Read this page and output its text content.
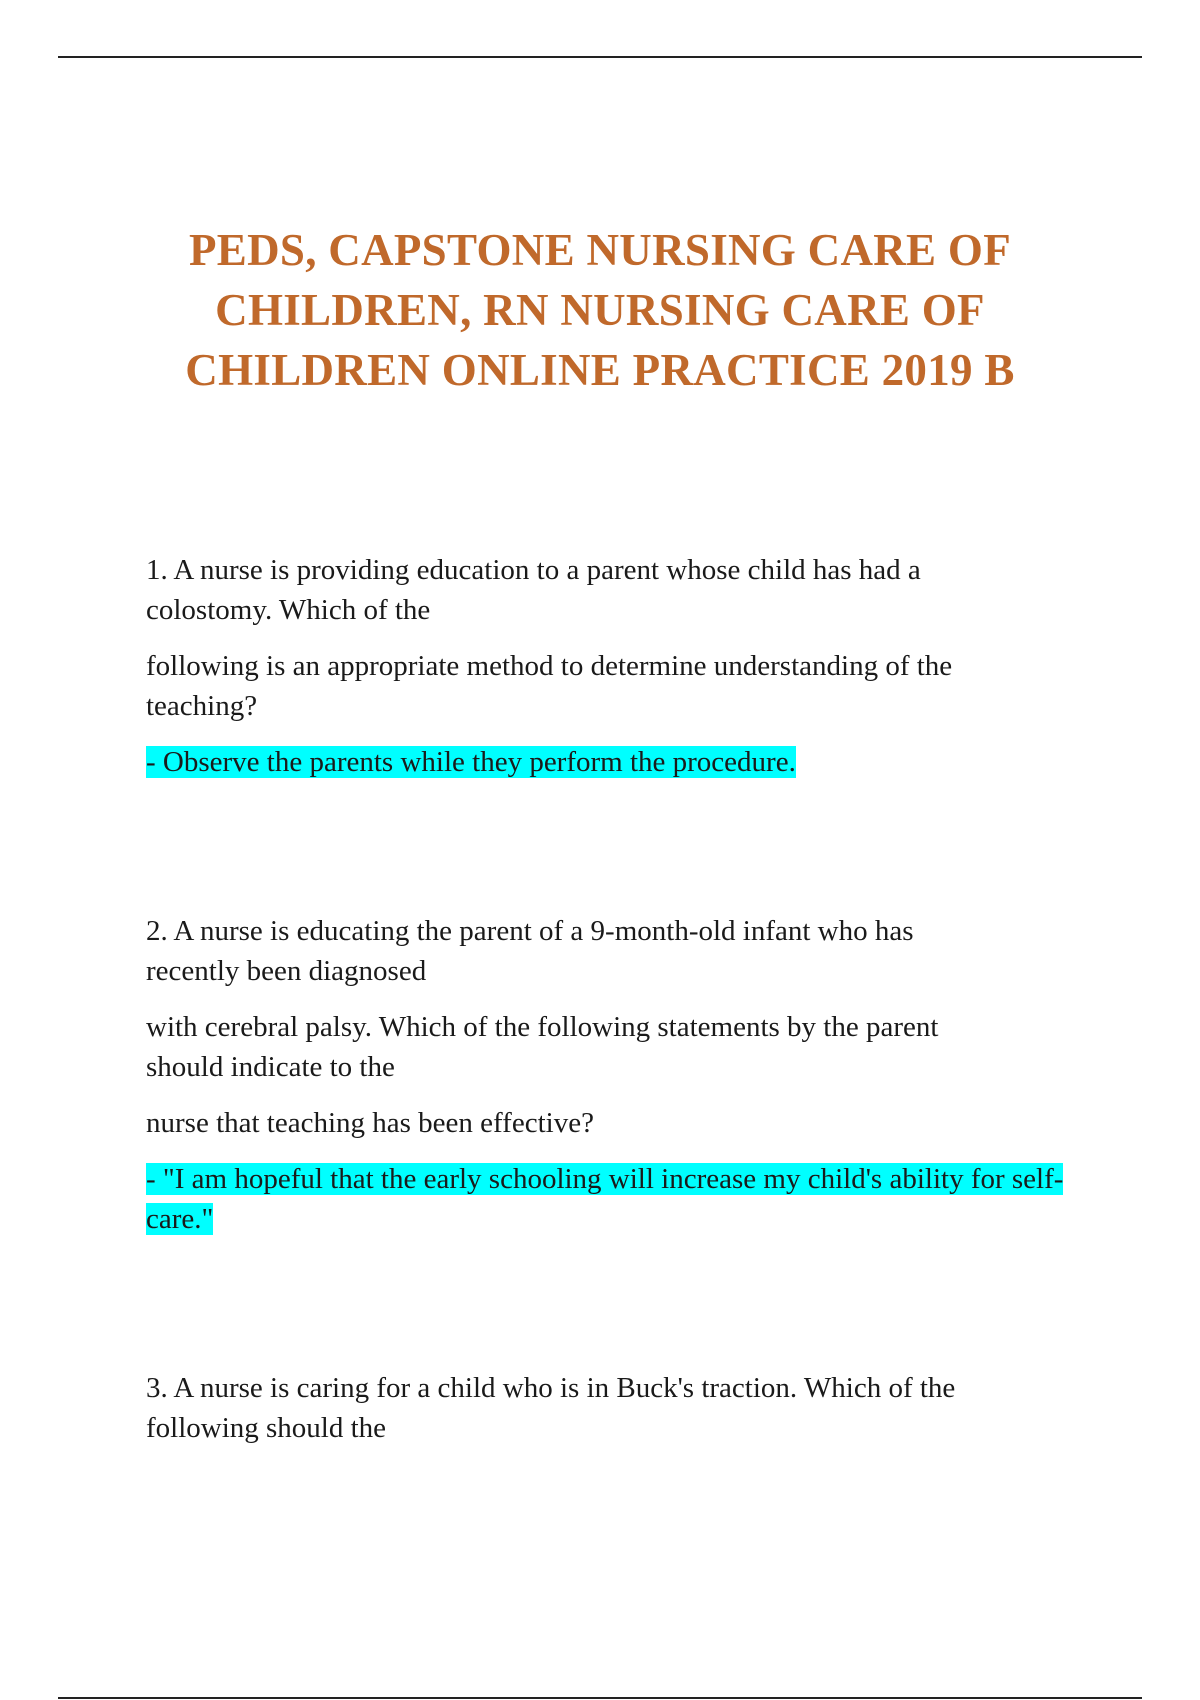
PEDS, CAPSTONE NURSING CARE OF
CHILDREN, RN NURSING CARE OF
CHILDREN ONLINE PRACTICE 2019 B

1. A nurse is providing education to a parent whose child has had a
colostomy. Which of the

following is an appropriate method to determine understanding of the
teaching?

- Observe the parents while they perform the procedure.

2. A nurse is educating the parent of a 9-month-old infant who has
recently been diagnosed

with cerebral palsy. Which of the following statements by the parent
should indicate to the

nurse that teaching has been effective?

- "I am hopeful that the early schooling will increase my child's ability for self-care."

3. A nurse is caring for a child who is in Buck's traction. Which of the
following should the
